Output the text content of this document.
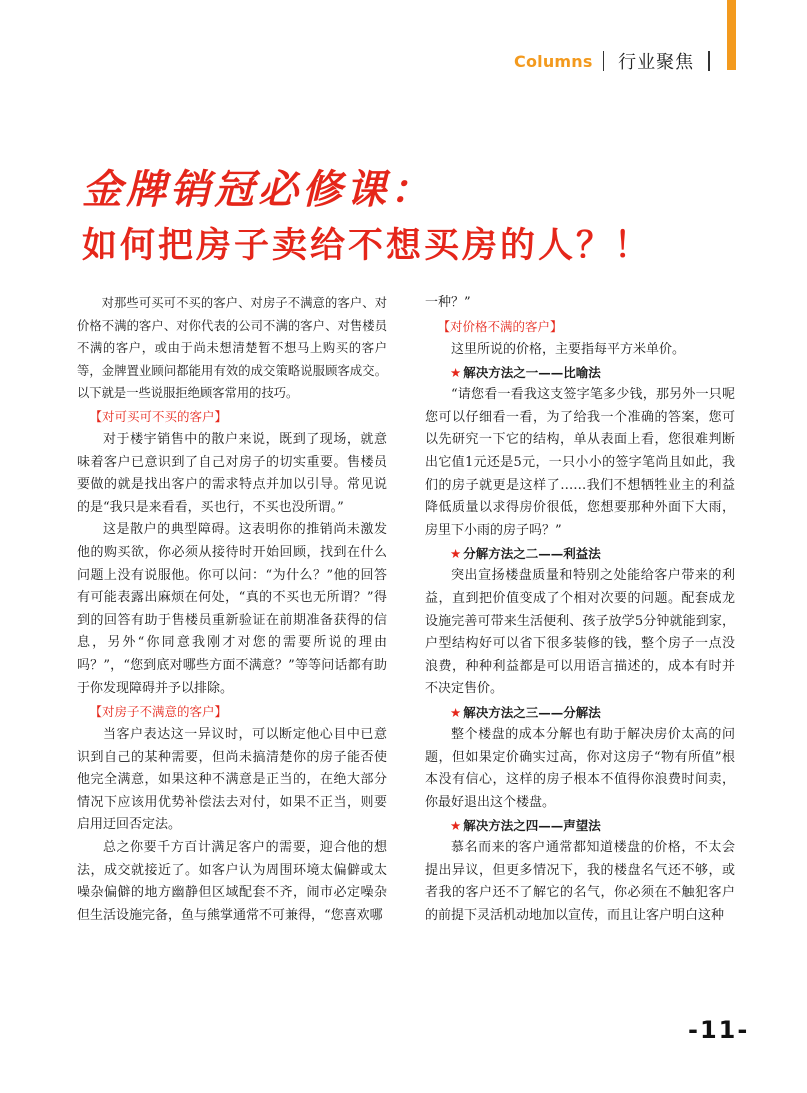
Columns 行业聚焦
金牌销冠必修课：
如何把房子卖给不想买房的人？！

对那些可买可不买的客户、对房子不满意的客户、对价格不满的客户、对你代表的公司不满的客户、对售楼员不满的客户，或由于尚未想清楚暂不想马上购买的客户等，金牌置业顾问都能用有效的成交策略说服顾客成交。以下就是一些说服拒绝顾客常用的技巧。

【对可买可不买的客户】

对于楼宇销售中的散户来说，既到了现场，就意味着客户已意识到了自己对房子的切实重要。售楼员要做的就是找出客户的需求特点并加以引导。常见说的是“我只是来看看，买也行，不买也没所谓。”

这是散户的典型障碍。这表明你的推销尚未激发他的购买欲，你必须从接待时开始回顾，找到在什么问题上没有说服他。你可以问：“为什么？”他的回答有可能表露出麻烦在何处，“真的不买也无所谓？”得到的回答有助于售楼员重新验证在前期准备获得的信息，另外“你同意我刚才对您的需要所说的理由吗？”，“您到底对哪些方面不满意？”等等问话都有助于你发现障碍并予以排除。

【对房子不满意的客户】

当客户表达这一异议时，可以断定他心目中已意识到自己的某种需要，但尚未搞清楚你的房子能否使他完全满意，如果这种不满意是正当的，在绝大部分情况下应该用优势补偿法去对付，如果不正当，则要启用迂回否定法。

总之你要千方百计满足客户的需要，迎合他的想法，成交就接近了。如客户认为周围环境太偏僻或太噪杂偏僻的地方幽静但区域配套不齐，闹市必定噪杂但生活设施完备，鱼与熊掌通常不可兼得，“您喜欢哪

一种？”

【对价格不满的客户】

这里所说的价格，主要指每平方米单价。

★ 解决方法之一——比喻法

“请您看一看我这支签字笔多少钱，那另外一只呢您可以仔细看一看，为了给我一个准确的答案，您可以先研究一下它的结构，单从表面上看，您很难判断出它值1元还是5元，一只小小的签字笔尚且如此，我们的房子就更是这样了……我们不想牺牲业主的利益降低质量以求得房价很低，您想要那种外面下大雨，房里下小雨的房子吗？”

★ 分解方法之二——利益法

突出宣扬楼盘质量和特别之处能给客户带来的利益，直到把价值变成了个相对次要的问题。配套成龙设施完善可带来生活便利、孩子放学5分钟就能到家，户型结构好可以省下很多装修的钱，整个房子一点没浪费，种种利益都是可以用语言描述的，成本有时并不决定售价。

★ 解决方法之三——分解法

整个楼盘的成本分解也有助于解决房价太高的问题，但如果定价确实过高，你对这房子“物有所值”根本没有信心，这样的房子根本不值得你浪费时间卖，你最好退出这个楼盘。

★ 解决方法之四——声望法

慕名而来的客户通常都知道楼盘的价格，不太会提出异议，但更多情况下，我的楼盘名气还不够，或者我的客户还不了解它的名气，你必须在不触犯客户的前提下灵活机动地加以宣传，而且让客户明白这种

-11-
